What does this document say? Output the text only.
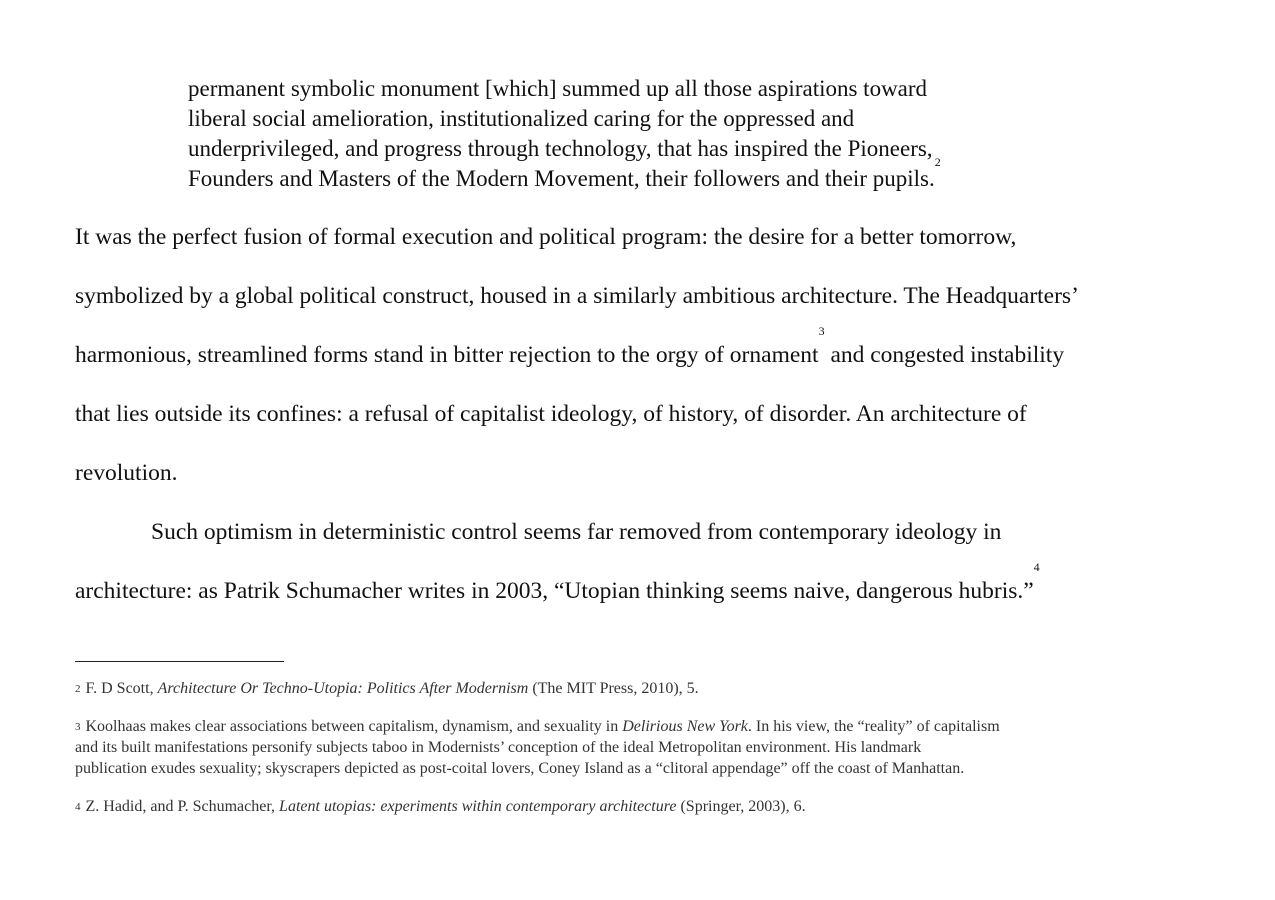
permanent symbolic monument [which] summed up all those aspirations toward
liberal social amelioration, institutionalized caring for the oppressed and
underprivileged, and progress through technology, that has inspired the Pioneers,
Founders and Masters of the Modern Movement, their followers and their pupils.$^2$
It was the perfect fusion of formal execution and political program: the desire for a better tomorrow,
symbolized by a global political construct, housed in a similarly ambitious architecture. The Headquarters’
harmonious, streamlined forms stand in bitter rejection to the orgy of ornament$^3$ and congested instability
that lies outside its confines: a refusal of capitalist ideology, of history, of disorder. An architecture of
revolution.
Such optimism in deterministic control seems far removed from contemporary ideology in
architecture: as Patrik Schumacher writes in 2003, “Utopian thinking seems naive, dangerous hubris.”$^4$
$^2$ F. D Scott, Architecture Or Techno-Utopia: Politics After Modernism (The MIT Press, 2010), 5.
$^3$ Koolhaas makes clear associations between capitalism, dynamism, and sexuality in Delirious New York. In his view, the “reality” of capitalism
and its built manifestations personify subjects taboo in Modernists’ conception of the ideal Metropolitan environment. His landmark
publication exudes sexuality; skyscrapers depicted as post-coital lovers, Coney Island as a “clitoral appendage” off the coast of Manhattan.
$^4$ Z. Hadid, and P. Schumacher, Latent utopias: experiments within contemporary architecture (Springer, 2003), 6.
